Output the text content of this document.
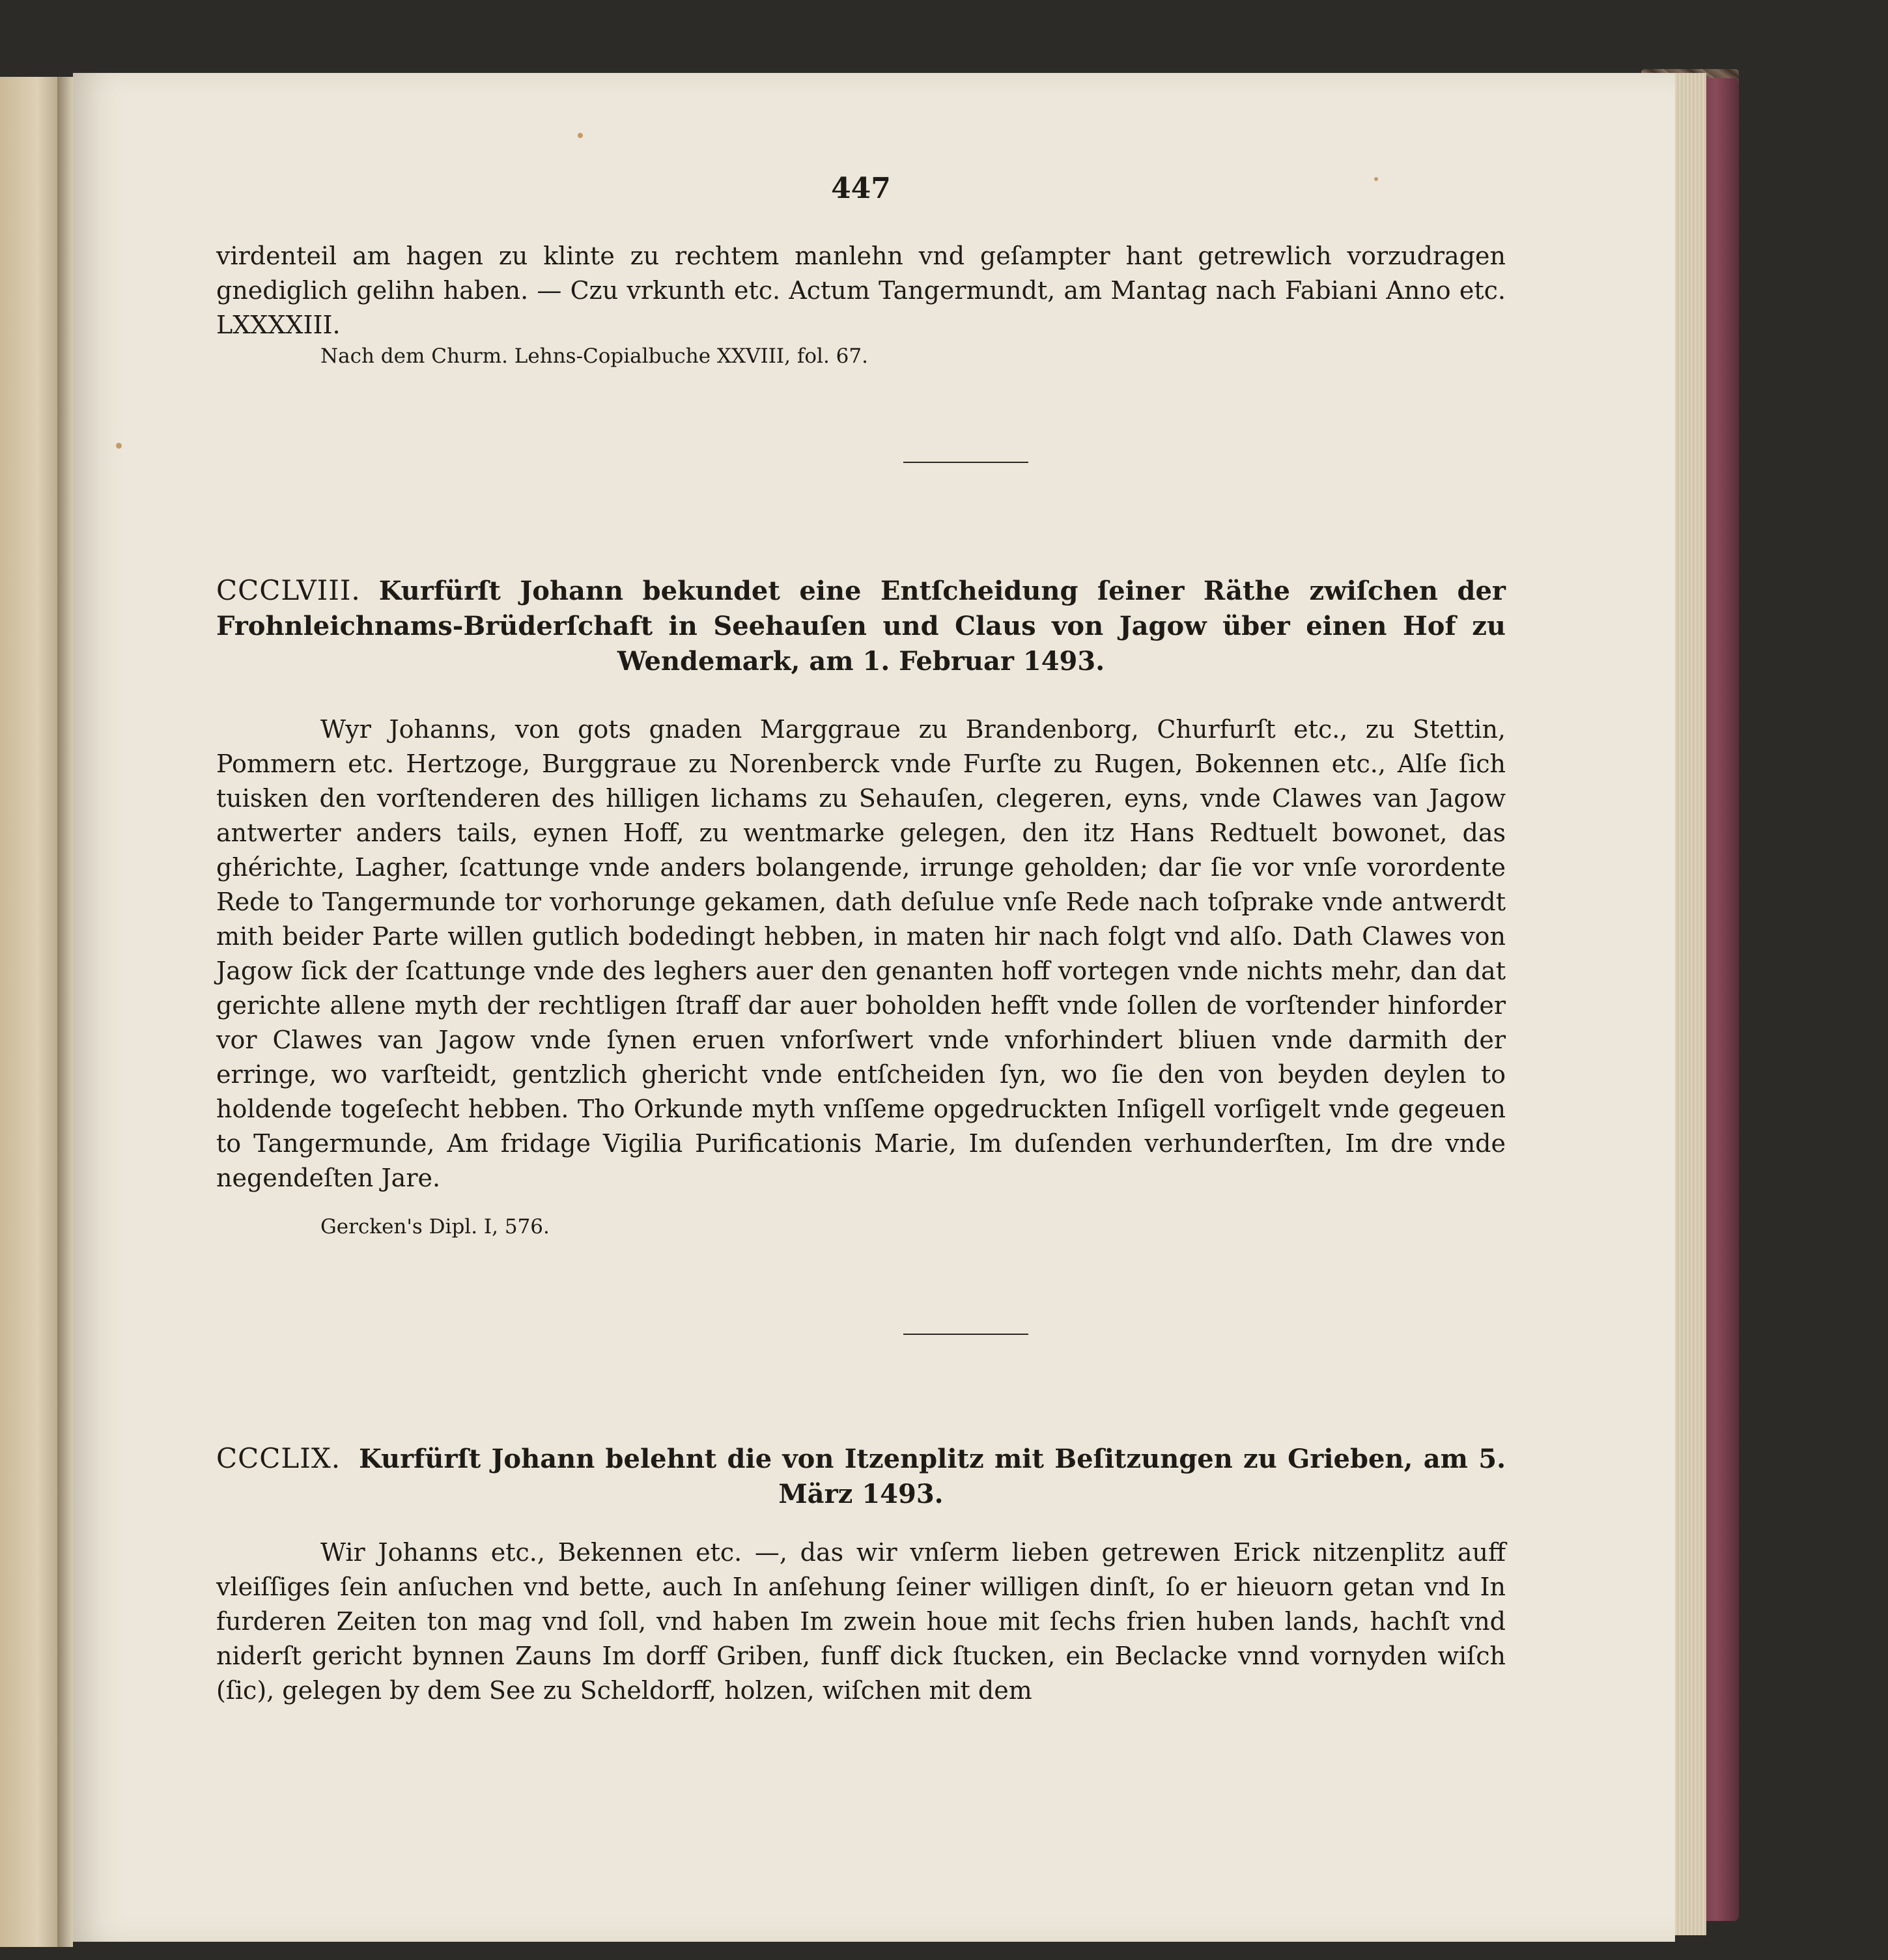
447

virdenteil am hagen zu klinte zu rechtem manlehn vnd geſampter hant getrewlich vorzudragen gnediglich gelihn haben. — Czu vrkunth etc. Actum Tangermundt, am Mantag nach Fabiani Anno etc. LXXXXIII.

Nach dem Churm. Lehns-Copialbuche XXVIII, fol. 67.

CCCLVIII. Kurfürſt Johann bekundet eine Entſcheidung ſeiner Räthe zwiſchen der Frohnleichnams-Brüderſchaft in Seehauſen und Claus von Jagow über einen Hof zu Wendemark, am 1. Februar 1493.

Wyr Johanns, von gots gnaden Marggraue zu Brandenborg, Churfurſt etc., zu Stettin, Pommern etc. Hertzoge, Burggraue zu Norenberck vnde Furſte zu Rugen, Bokennen etc., Alſe ſich tuisken den vorſtenderen des hilligen lichams zu Sehauſen, clegeren, eyns, vnde Clawes van Jagow antwerter anders tails, eynen Hoff, zu wentmarke gelegen, den itz Hans Redtuelt bowonet, das ghérichte, Lagher, ſcattunge vnde anders bolangende, irrunge geholden; dar ſie vor vnſe vorordente Rede to Tangermunde tor vorhorunge gekamen, dath deſulue vnſe Rede nach toſprake vnde antwerdt mith beider Parte willen gutlich bodedingt hebben, in maten hir nach folgt vnd alſo. Dath Clawes von Jagow ſick der ſcattunge vnde des leghers auer den genanten hoff vortegen vnde nichts mehr, dan dat gerichte allene myth der rechtligen ſtraff dar auer boholden hefft vnde ſollen de vorſtender hinforder vor Clawes van Jagow vnde ſynen eruen vnforſwert vnde vnforhindert bliuen vnde darmith der erringe, wo varſteidt, gentzlich ghericht vnde entſcheiden ſyn, wo ſie den von beyden deylen to holdende togeſecht hebben. Tho Orkunde myth vnſſeme opgedruckten Inſigell vorſigelt vnde gegeuen to Tangermunde, Am fridage Vigilia Purificationis Marie, Im duſenden verhunderſten, Im dre vnde negendeſten Jare.

Gercken's Dipl. I, 576.

CCCLIX. Kurfürſt Johann belehnt die von Itzenplitz mit Beſitzungen zu Grieben, am 5. März 1493.

Wir Johanns etc., Bekennen etc. —, das wir vnſerm lieben getrewen Erick nitzenplitz auff vleiſſiges ſein anſuchen vnd bette, auch In anſehung ſeiner willigen dinſt, ſo er hieuorn getan vnd In furderen Zeiten ton mag vnd ſoll, vnd haben Im zwein houe mit ſechs frien huben lands, hachſt vnd niderſt gericht bynnen Zauns Im dorff Griben, funff dick ſtucken, ein Beclacke vnnd vornyden wiſch (ſic), gelegen by dem See zu Scheldorff, holzen, wiſchen mit dem
